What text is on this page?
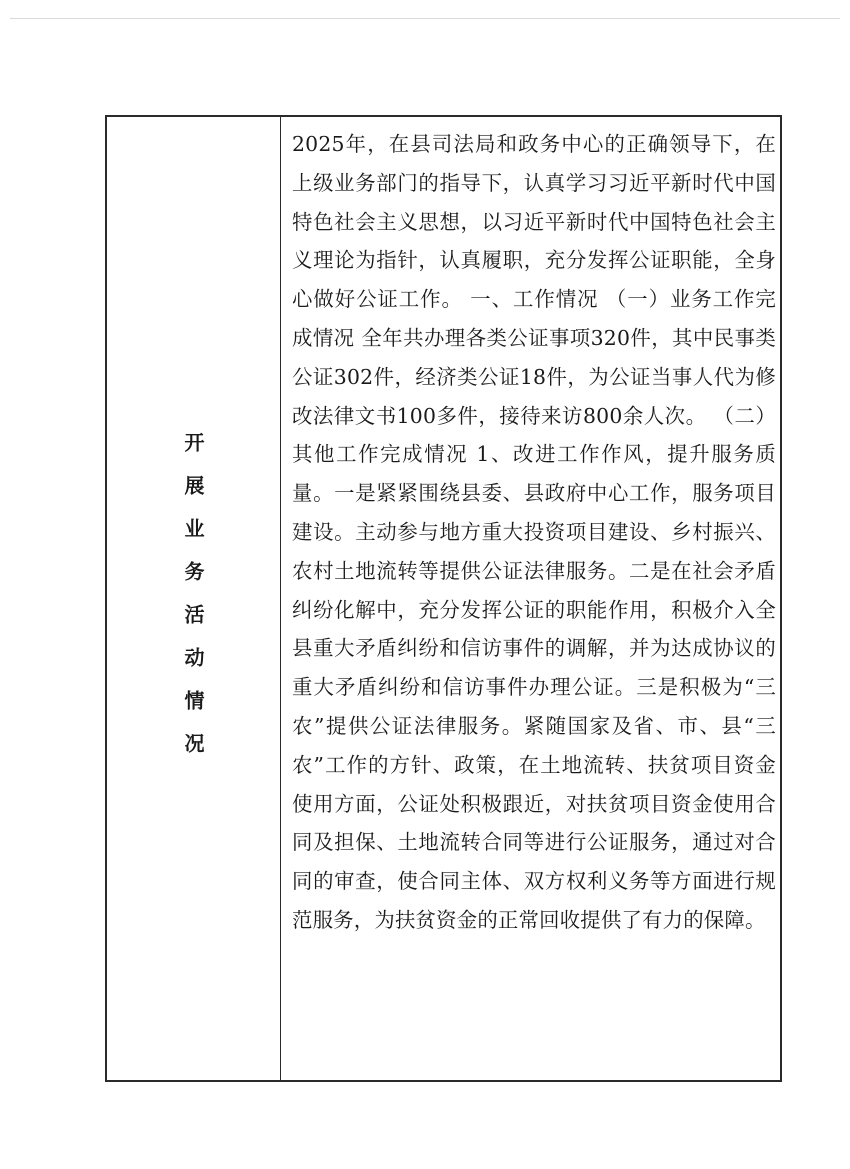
开展业务活动情况

2025年，在县司法局和政务中心的正确领导下，在上级业务部门的指导下，认真学习习近平新时代中国特色社会主义思想，以习近平新时代中国特色社会主义理论为指针，认真履职，充分发挥公证职能，全身心做好公证工作。 一、工作情况 （一）业务工作完成情况 全年共办理各类公证事项320件，其中民事类公证302件，经济类公证18件，为公证当事人代为修改法律文书100多件，接待来访800余人次。 （二）其他工作完成情况 1、改进工作作风，提升服务质量。一是紧紧围绕县委、县政府中心工作，服务项目建设。主动参与地方重大投资项目建设、乡村振兴、农村土地流转等提供公证法律服务。二是在社会矛盾纠纷化解中，充分发挥公证的职能作用，积极介入全县重大矛盾纠纷和信访事件的调解，并为达成协议的重大矛盾纠纷和信访事件办理公证。三是积极为“三农”提供公证法律服务。紧随国家及省、市、县“三农”工作的方针、政策，在土地流转、扶贫项目资金使用方面，公证处积极跟近，对扶贫项目资金使用合同及担保、土地流转合同等进行公证服务，通过对合同的审查，使合同主体、双方权利义务等方面进行规范服务，为扶贫资金的正常回收提供了有力的保障。
